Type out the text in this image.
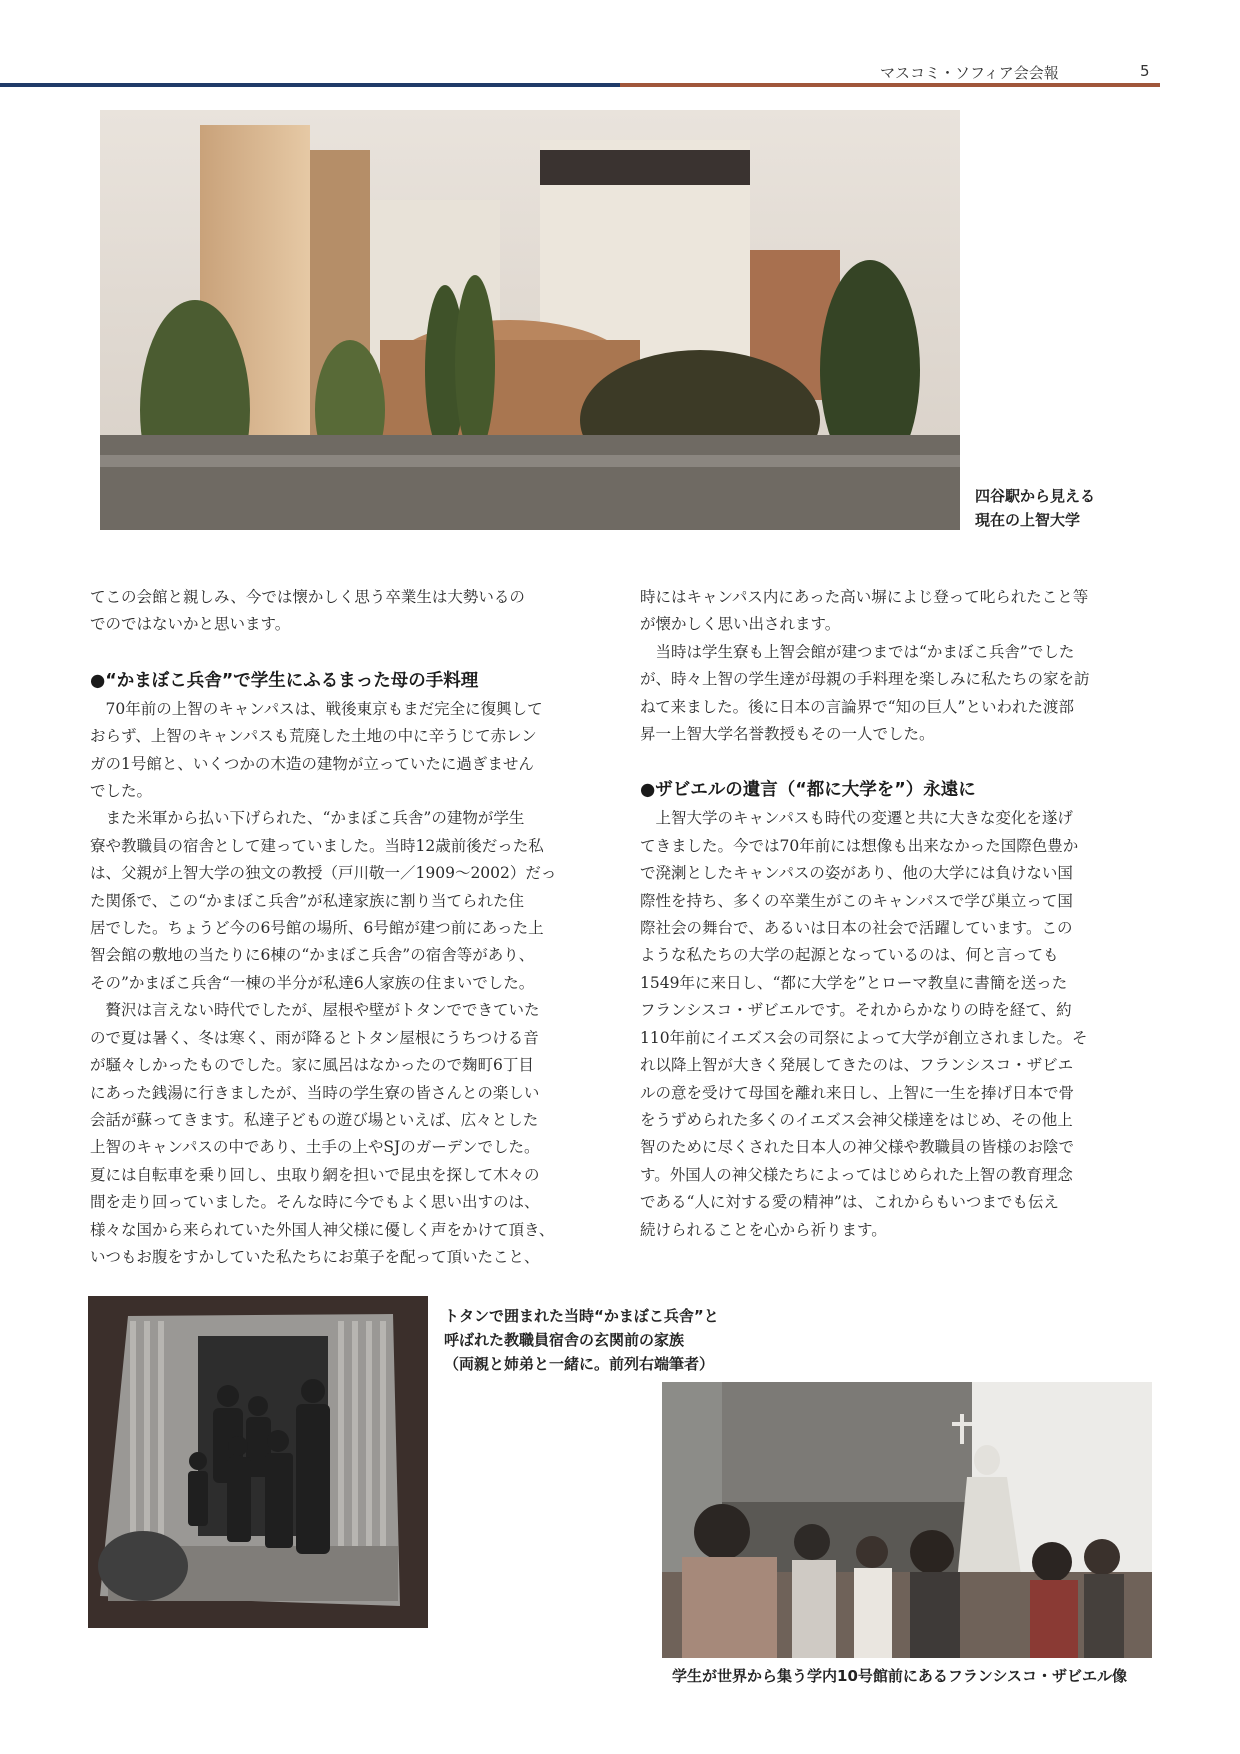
マスコミ・ソフィア会会報	5
四谷駅から見える
現在の上智大学

てこの会館と親しみ、今では懐かしく思う卒業生は大勢いるの

でのではないかと思います。

●“かまぼこ兵舎”で学生にふるまった母の手料理

　70年前の上智のキャンパスは、戦後東京もまだ完全に復興して

おらず、上智のキャンパスも荒廃した土地の中に辛うじて赤レン

ガの1号館と、いくつかの木造の建物が立っていたに過ぎません

でした。

　また米軍から払い下げられた、“かまぼこ兵舎”の建物が学生

寮や教職員の宿舎として建っていました。当時12歳前後だった私

は、父親が上智大学の独文の教授（戸川敬一／1909～2002）だっ

た関係で、この“かまぼこ兵舎”が私達家族に割り当てられた住

居でした。ちょうど今の6号館の場所、6号館が建つ前にあった上

智会館の敷地の当たりに6棟の“かまぼこ兵舎”の宿舎等があり、

その”かまぼこ兵舎“一棟の半分が私達6人家族の住まいでした。

　贅沢は言えない時代でしたが、屋根や壁がトタンでできていた

ので夏は暑く、冬は寒く、雨が降るとトタン屋根にうちつける音

が騒々しかったものでした。家に風呂はなかったので麹町6丁目

にあった銭湯に行きましたが、当時の学生寮の皆さんとの楽しい

会話が蘇ってきます。私達子どもの遊び場といえば、広々とした

上智のキャンパスの中であり、土手の上やSJのガーデンでした。

夏には自転車を乗り回し、虫取り網を担いで昆虫を探して木々の

間を走り回っていました。そんな時に今でもよく思い出すのは、

様々な国から来られていた外国人神父様に優しく声をかけて頂き、

いつもお腹をすかしていた私たちにお菓子を配って頂いたこと、

時にはキャンパス内にあった高い塀によじ登って叱られたこと等

が懐かしく思い出されます。

　当時は学生寮も上智会館が建つまでは“かまぼこ兵舎”でした

が、時々上智の学生達が母親の手料理を楽しみに私たちの家を訪

ねて来ました。後に日本の言論界で“知の巨人”といわれた渡部

昇一上智大学名誉教授もその一人でした。

●ザビエルの遺言（“都に大学を”）永遠に

　上智大学のキャンパスも時代の変遷と共に大きな変化を遂げ

てきました。今では70年前には想像も出来なかった国際色豊か

で溌溂としたキャンパスの姿があり、他の大学には負けない国

際性を持ち、多くの卒業生がこのキャンパスで学び巣立って国

際社会の舞台で、あるいは日本の社会で活躍しています。この

ような私たちの大学の起源となっているのは、何と言っても

1549年に来日し、“都に大学を”とローマ教皇に書簡を送った

フランシスコ・ザビエルです。それからかなりの時を経て、約

110年前にイエズス会の司祭によって大学が創立されました。そ

れ以降上智が大きく発展してきたのは、フランシスコ・ザビエ

ルの意を受けて母国を離れ来日し、上智に一生を捧げ日本で骨

をうずめられた多くのイエズス会神父様達をはじめ、その他上

智のために尽くされた日本人の神父様や教職員の皆様のお陰で

す。外国人の神父様たちによってはじめられた上智の教育理念

である“人に対する愛の精神”は、これからもいつまでも伝え

続けられることを心から祈ります。

トタンで囲まれた当時“かまぼこ兵舎”と
呼ばれた教職員宿舎の玄関前の家族
（両親と姉弟と一緒に。前列右端筆者）
学生が世界から集う学内10号館前にあるフランシスコ・ザビエル像
